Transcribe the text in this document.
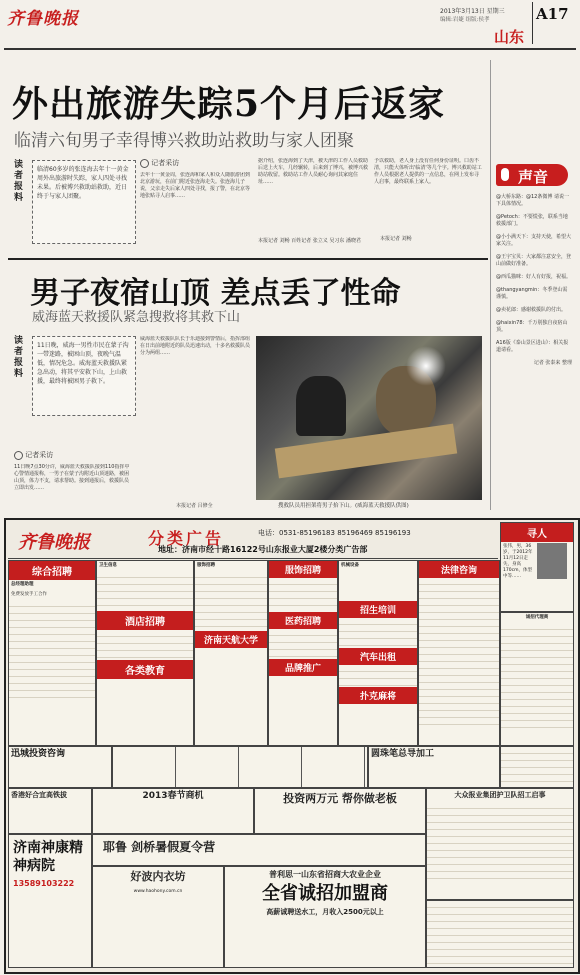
齐鲁晚报	2013年3月13日 星期三
编辑:岩婕 组版:侯孝
山东
A17
外出旅游失踪5个月后返家
临清六旬男子幸得博兴救助站救助与家人团聚
读者报料
临清60多岁的张连海去年十一黄金周外出旅游时失踪，家人四处寻找未果。后被博兴救助站救助，近日终于与家人团聚。
记者采访
去年十一黄金周，张连海和家人和众人随旅游团到北京游玩，在前门附近张连海走失。张连海儿子说，父亲走失后家人四处寻找，报了警，在北京等地张贴寻人启事……
据介绍，张连海到了天津，被天津的工作人员救助后送上火车，几经辗转，后来到了博兴，被博兴救助站收留。救助站工作人员耐心询问其家庭住址……
予以救助，老人身上没有任何身份证明。口齿不清，只能大体听出'临清'等几个字。博兴救助站工作人员根据老人提供的一点信息，在网上发布寻人启事，最终联系上家人。
本报记者 刘畅 百姓记者 张立义 吴习东 潘晓君	本报记者 刘畅
男子夜宿山顶 差点丢了性命
威海蓝天救援队紧急搜救将其救下山
读者报料
11日晚，威海一男性市民在蒙子沟一带迷路，被困山顶，夜晚气温低，情况危急。威海蓝天救援队紧急出动，将其平安救下山，上山救援，最终将被困男子救下。
记者采访
11日晚7点30分许，威海蓝天救援队接到110指挥中心警情通报称，一男子在蒙子沟附近山顶迷路，被困山顶，体力不支，请求帮助。接到通报后，救援队员立即出发……
威海蓝天救援队队长于乐迪接到警情后，指挥部组在日出前地附近的队员迅速出动，十多名救援队员分为两组……
搜救队员用担架将男子抬下山。(威海蓝天救援队供图)
本报记者 吕修全
声音
@大桥东路：@12条微博 请说一下具体情况。
@Petoch：不要慌张，联系当地救援部门。
@小小满天下：支持天使，希望大家关注。
@王宇宝贝：大家都注意安全，登山前做好准备。
@西瓜猫咪：好人有好报，祝福。
@thangyangmin：冬季登山需谨慎。
@卖花郎：感谢救援队的付出。
@haixin78：千万别独自夜宿山顶。
A16版《泰山景区进山》：相关报道请看。
记者 张泰来 整理
齐鲁晚报	分类广告	电话：0531-85196183 85196469 85196193
地址：济南市经十路16122号山东报业大厦2楼分类广告部
综合招聘
总经理助理
免费发放手工合作
卫生信息
酒店招聘
各类教育
服饰招聘
济南天航大学
服饰招聘
医药招聘
品牌推广
机械设备
招生培训
汽车出租
扑克麻将
法律咨询
寻人
张伟，男，36岁，于2012年11月12日走失，身高170cm，体型中等……
诚招代理商
迅城投资咨询	圆珠笔总导加工
香港好合宜高铁拔	2013春节商机	投资两万元 帮你做老板	大众报业集团护卫队招工启事
耶鲁 剑桥暑假夏令营
济南神康精神病院
13589103222
好波内衣坊
www.haohony.com.cn
普利思一山东省招商大农业企业
全省诚招加盟商
高薪诚聘送水工，月收入2500元以上
